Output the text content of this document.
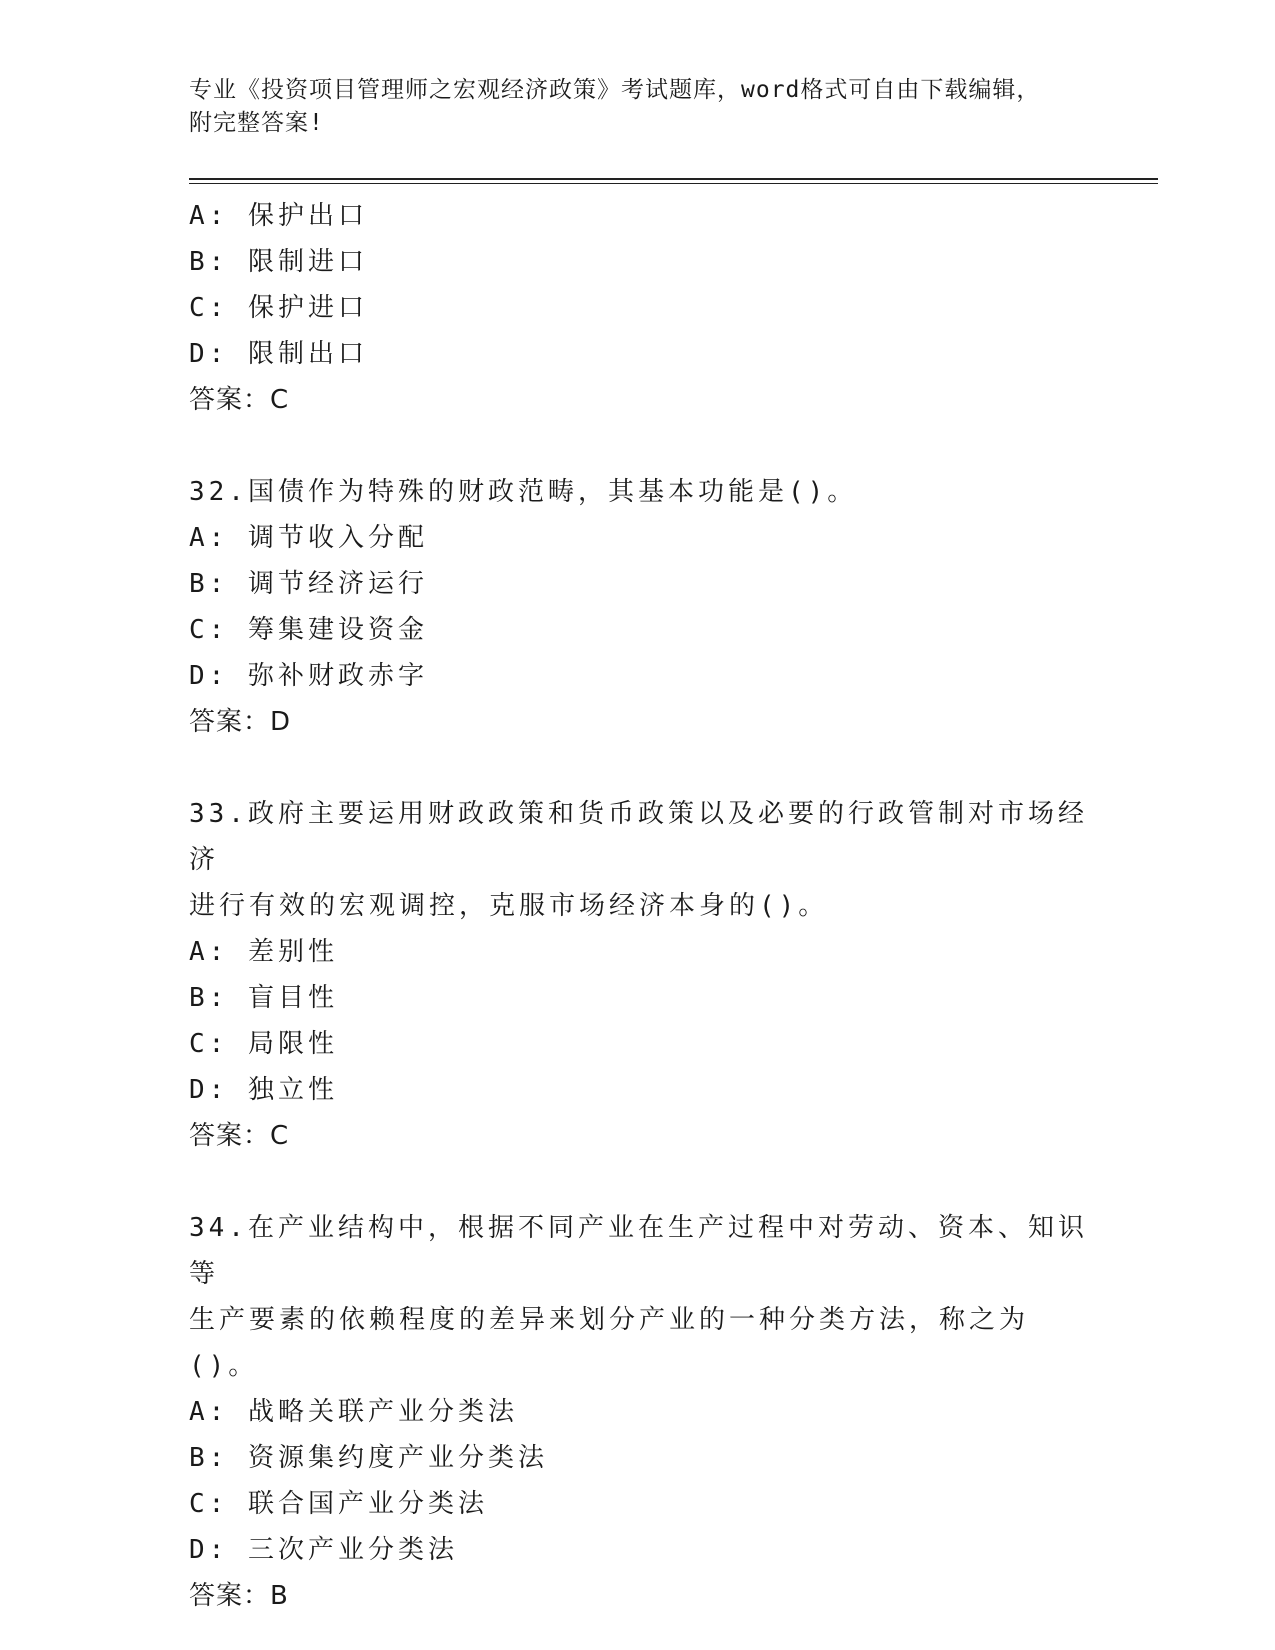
专业《投资项目管理师之宏观经济政策》考试题库，word格式可自由下载编辑，
附完整答案!
A: 保护出口
B: 限制进口
C: 保护进口
D: 限制出口
答案：C
32.国债作为特殊的财政范畴，其基本功能是()。
A: 调节收入分配
B: 调节经济运行
C: 筹集建设资金
D: 弥补财政赤字
答案：D
33.政府主要运用财政政策和货币政策以及必要的行政管制对市场经济
进行有效的宏观调控，克服市场经济本身的()。
A: 差别性
B: 盲目性
C: 局限性
D: 独立性
答案：C
34.在产业结构中，根据不同产业在生产过程中对劳动、资本、知识等
生产要素的依赖程度的差异来划分产业的一种分类方法，称之为()。
A: 战略关联产业分类法
B: 资源集约度产业分类法
C: 联合国产业分类法
D: 三次产业分类法
答案：B
